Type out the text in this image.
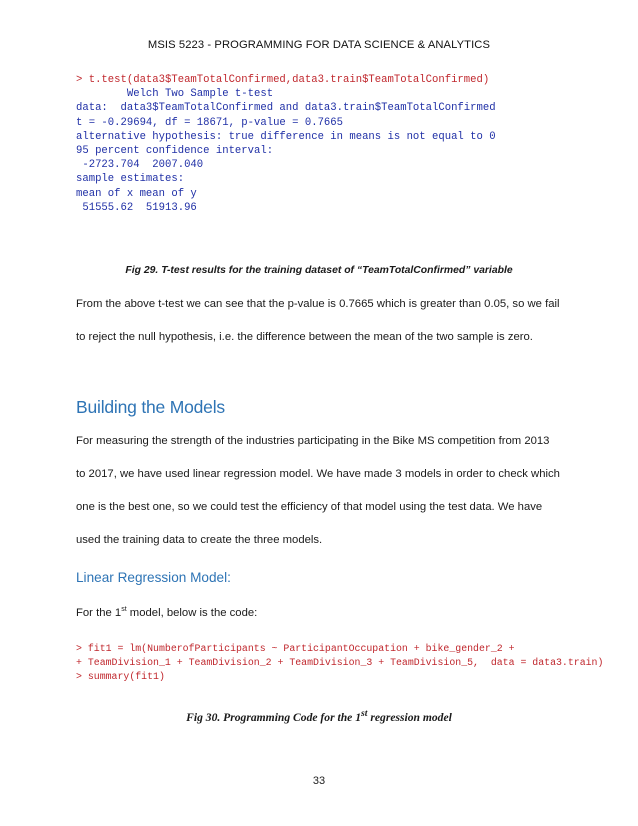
MSIS 5223 - PROGRAMMING FOR DATA SCIENCE & ANALYTICS
> t.test(data3$TeamTotalConfirmed,data3.train$TeamTotalConfirmed)
Welch Two Sample t-test
data:  data3$TeamTotalConfirmed and data3.train$TeamTotalConfirmed
t = -0.29694, df = 18671, p-value = 0.7665
alternative hypothesis: true difference in means is not equal to 0
95 percent confidence interval:
-2723.704  2007.040
sample estimates:
mean of x mean of y
51555.62  51913.96
Fig 29. T-test results for the training dataset of “TeamTotalConfirmed” variable
From the above t-test we can see that the p-value is 0.7665 which is greater than 0.05, so we fail
to reject the null hypothesis, i.e. the difference between the mean of the two sample is zero.
Building the Models
For measuring the strength of the industries participating in the Bike MS competition from 2013
to 2017, we have used linear regression model. We have made 3 models in order to check which
one is the best one, so we could test the efficiency of that model using the test data. We have
used the training data to create the three models.
Linear Regression Model:
For the 1st model, below is the code:
> fit1 = lm(NumberofParticipants ~ ParticipantOccupation + bike_gender_2 +
+ TeamDivision_1 + TeamDivision_2 + TeamDivision_3 + TeamDivision_5,  data = data3.train)
> summary(fit1)
Fig 30. Programming Code for the 1st regression model
33
